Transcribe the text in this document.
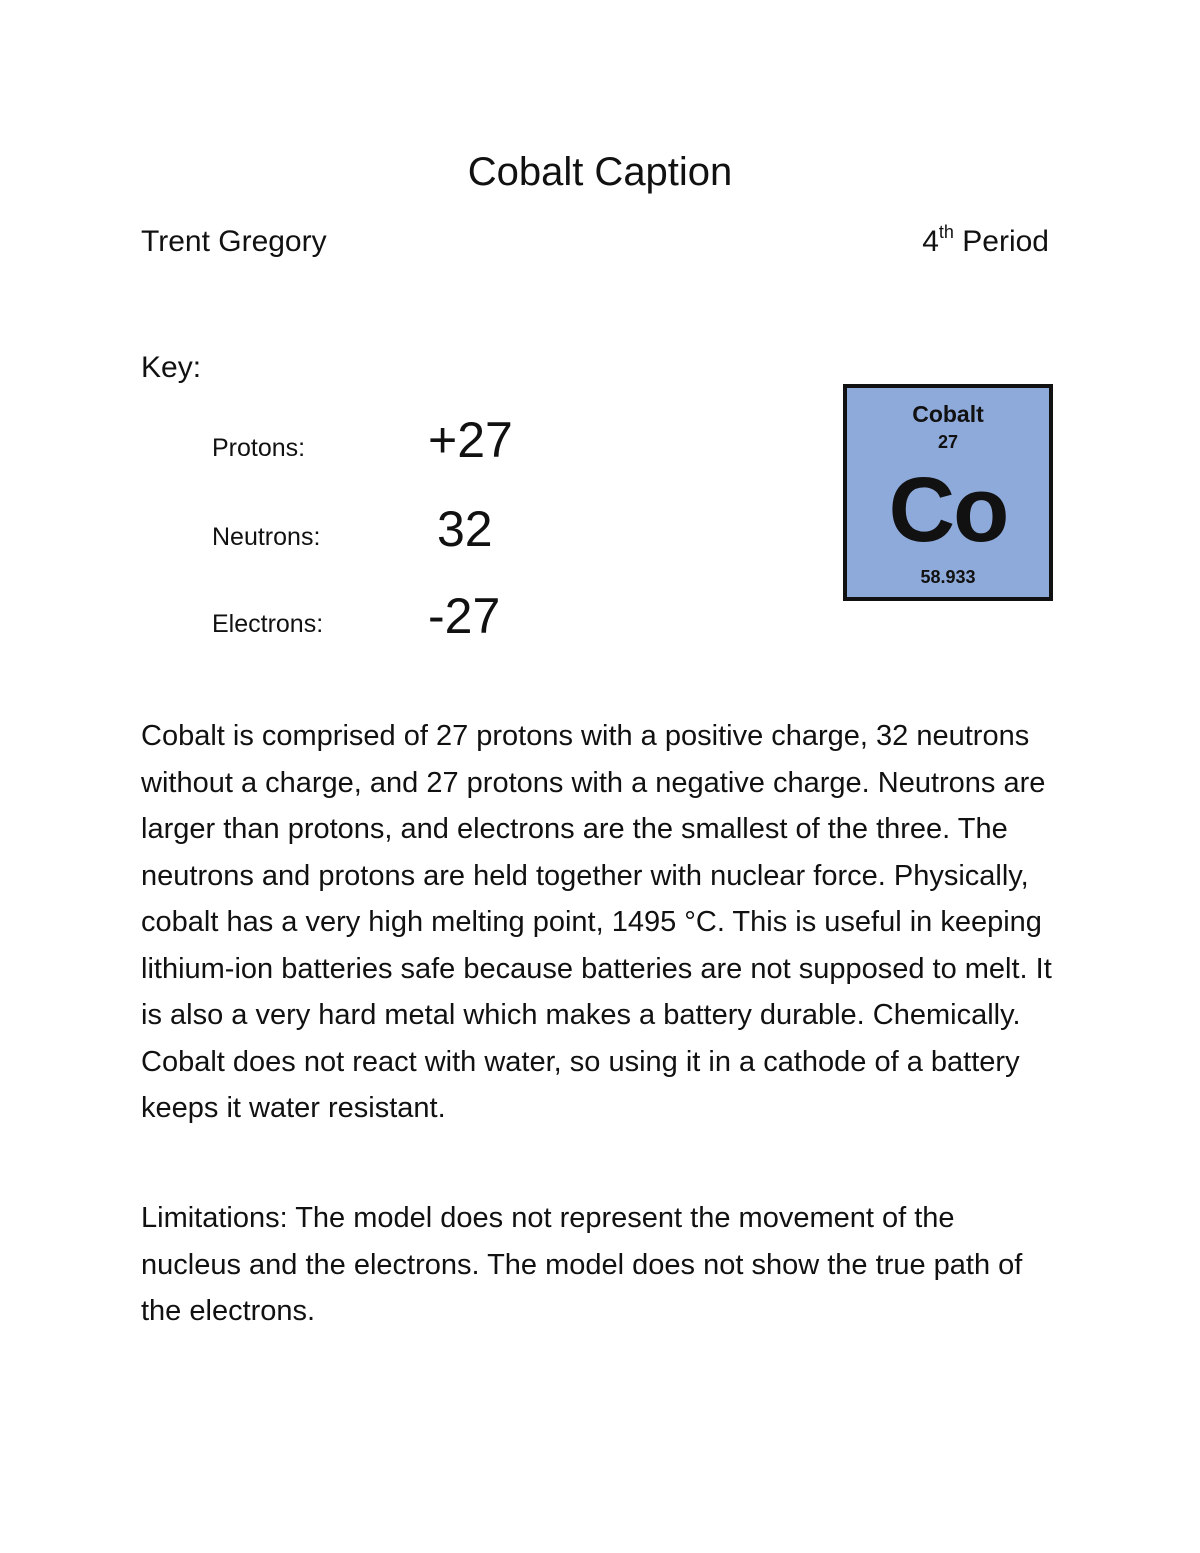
Cobalt Caption
Trent Gregory	4th Period
Key:
Protons: +27
Neutrons: 32
Electrons: -27
Cobalt
27
Co
58.933

Cobalt is comprised of 27 protons with a positive charge, 32 neutrons without a charge, and 27 protons with a negative charge. Neutrons are larger than protons, and electrons are the smallest of the three. The neutrons and protons are held together with nuclear force. Physically, cobalt has a very high melting point, 1495 °C. This is useful in keeping lithium-ion batteries safe because batteries are not supposed to melt. It is also a very hard metal which makes a battery durable. Chemically. Cobalt does not react with water, so using it in a cathode of a battery keeps it water resistant.

Limitations: The model does not represent the movement of the nucleus and the electrons. The model does not show the true path of the electrons.
